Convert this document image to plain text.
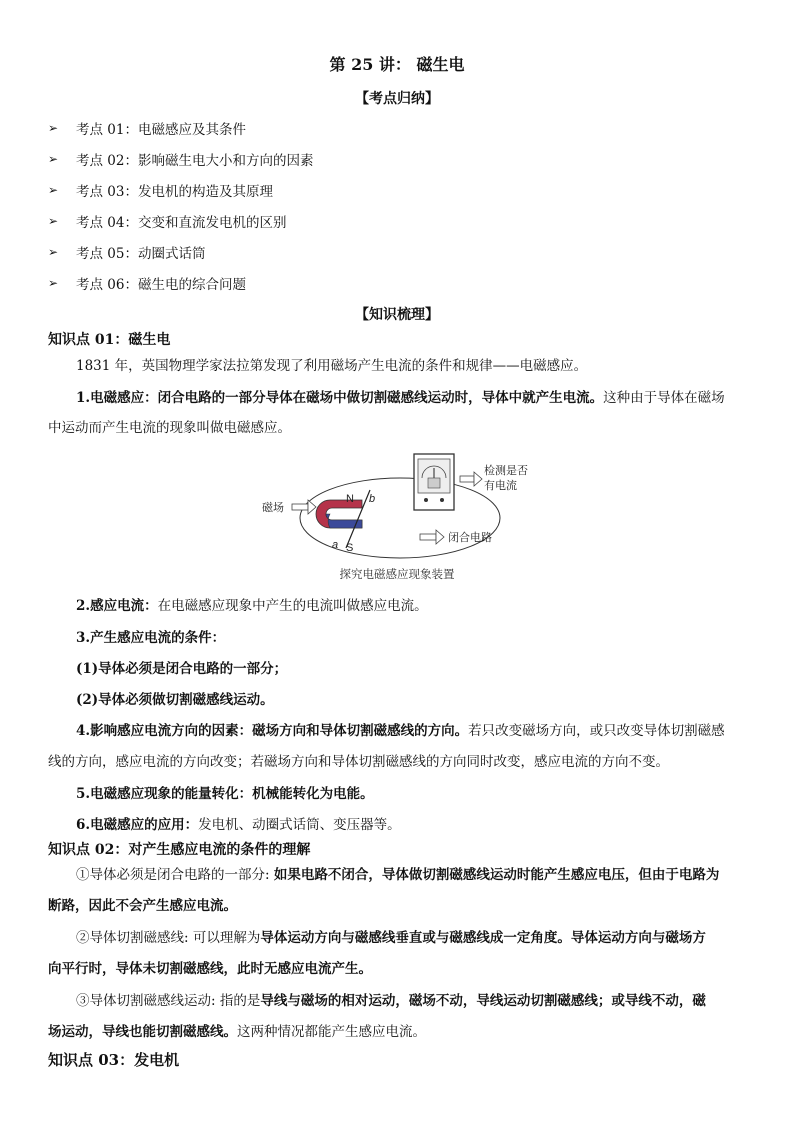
第 25 讲： 磁生电
【考点归纳】
➢	考点 01：电磁感应及其条件
➢	考点 02：影响磁生电大小和方向的因素
➢	考点 03：发电机的构造及其原理
➢	考点 04：交变和直流发电机的区别
➢	考点 05：动圈式话筒
➢	考点 06：磁生电的综合问题
【知识梳理】
知识点 01：磁生电
1831 年，英国物理学家法拉第发现了利用磁场产生电流的条件和规律——电磁感应。
1.电磁感应：闭合电路的一部分导体在磁场中做切割磁感线运动时，导体中就产生电流。这种由于导体在磁场
中运动而产生电流的现象叫做电磁感应。
检测是否
有电流
磁场
N
S
a
b
闭合电路
探究电磁感应现象装置
2.感应电流：在电磁感应现象中产生的电流叫做感应电流。
3.产生感应电流的条件：
(1)导体必须是闭合电路的一部分；
(2)导体必须做切割磁感线运动。
4.影响感应电流方向的因素：磁场方向和导体切割磁感线的方向。若只改变磁场方向，或只改变导体切割磁感
线的方向，感应电流的方向改变；若磁场方向和导体切割磁感线的方向同时改变，感应电流的方向不变。
5.电磁感应现象的能量转化：机械能转化为电能。
6.电磁感应的应用：发电机、动圈式话筒、变压器等。
知识点 02：对产生感应电流的条件的理解
①导体必须是闭合电路的一部分: 如果电路不闭合，导体做切割磁感线运动时能产生感应电压，但由于电路为
断路，因此不会产生感应电流。
②导体切割磁感线: 可以理解为导体运动方向与磁感线垂直或与磁感线成一定角度。导体运动方向与磁场方
向平行时，导体未切割磁感线，此时无感应电流产生。
③导体切割磁感线运动: 指的是导线与磁场的相对运动，磁场不动，导线运动切割磁感线；或导线不动，磁
场运动，导线也能切割磁感线。这两种情况都能产生感应电流。
知识点 03：发电机
